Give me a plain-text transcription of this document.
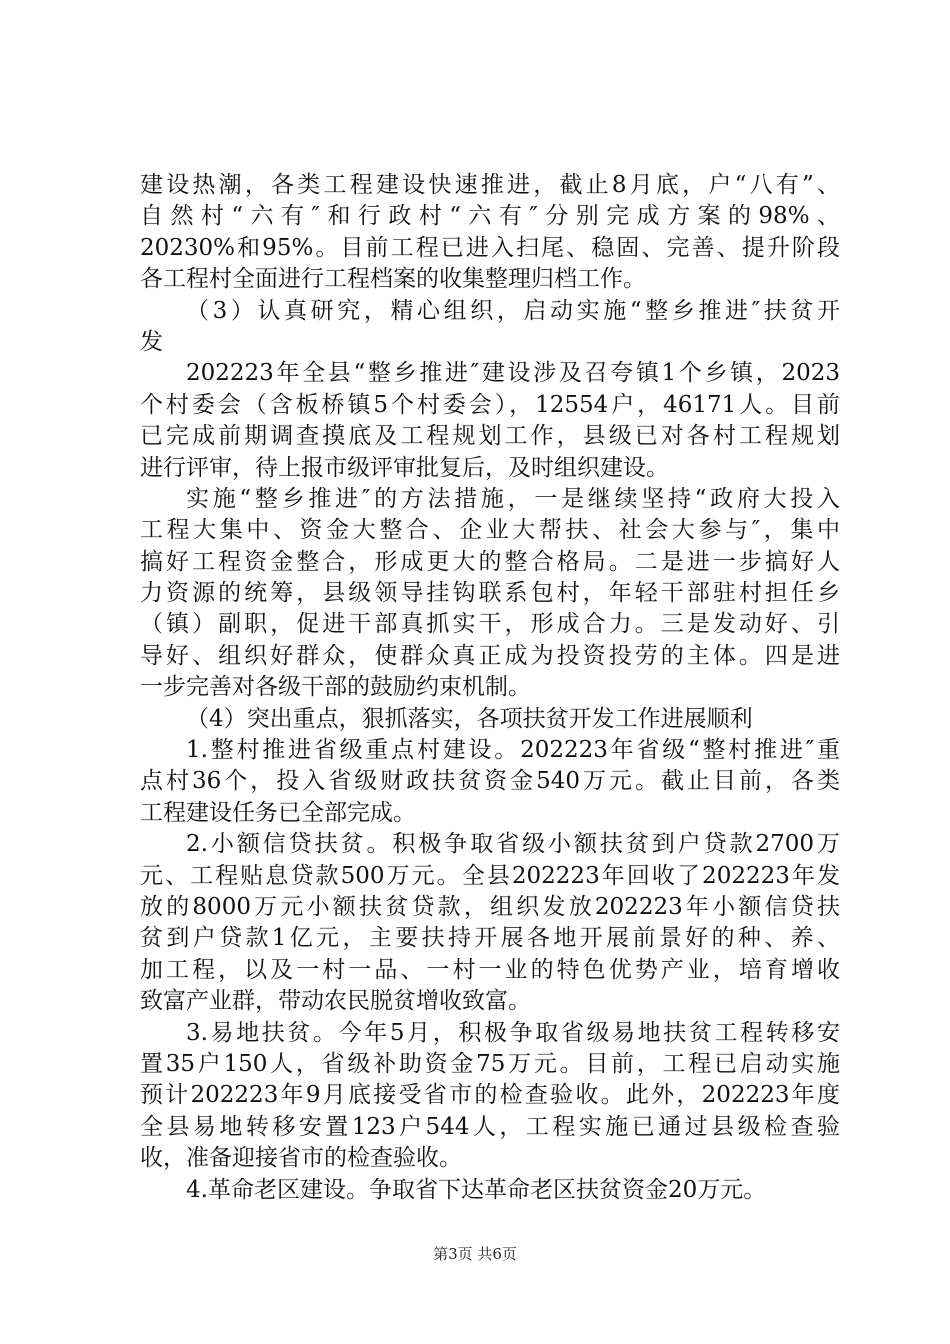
建设热潮，各类工程建设快速推进，截止8月底，户“八有”、
自然村“六有″和行政村“六有″分别完成方案的98%、
20230%和95%。目前工程已进入扫尾、稳固、完善、提升阶段
各工程村全面进行工程档案的收集整理归档工作。
（3）认真研究，精心组织，启动实施“整乡推进″扶贫开
发
202223年全县“整乡推进″建设涉及召夸镇1个乡镇，2023
个村委会（含板桥镇5个村委会），12554户，46171人。目前
已完成前期调查摸底及工程规划工作，县级已对各村工程规划
进行评审，待上报市级评审批复后，及时组织建设。
实施“整乡推进″的方法措施，一是继续坚持“政府大投入
工程大集中、资金大整合、企业大帮扶、社会大参与″，集中
搞好工程资金整合，形成更大的整合格局。二是进一步搞好人
力资源的统筹，县级领导挂钩联系包村，年轻干部驻村担任乡
（镇）副职，促进干部真抓实干，形成合力。三是发动好、引
导好、组织好群众，使群众真正成为投资投劳的主体。四是进
一步完善对各级干部的鼓励约束机制。
（4）突出重点，狠抓落实，各项扶贫开发工作进展顺利
1.整村推进省级重点村建设。202223年省级“整村推进″重
点村36个，投入省级财政扶贫资金540万元。截止目前，各类
工程建设任务已全部完成。
2.小额信贷扶贫。积极争取省级小额扶贫到户贷款2700万
元、工程贴息贷款500万元。全县202223年回收了202223年发
放的8000万元小额扶贫贷款，组织发放202223年小额信贷扶
贫到户贷款1亿元，主要扶持开展各地开展前景好的种、养、
加工程，以及一村一品、一村一业的特色优势产业，培育增收
致富产业群，带动农民脱贫增收致富。
3.易地扶贫。今年5月，积极争取省级易地扶贫工程转移安
置35户150人，省级补助资金75万元。目前，工程已启动实施
预计202223年9月底接受省市的检查验收。此外，202223年度
全县易地转移安置123户544人，工程实施已通过县级检查验
收，准备迎接省市的检查验收。
4.革命老区建设。争取省下达革命老区扶贫资金20万元。
第3页 共6页
